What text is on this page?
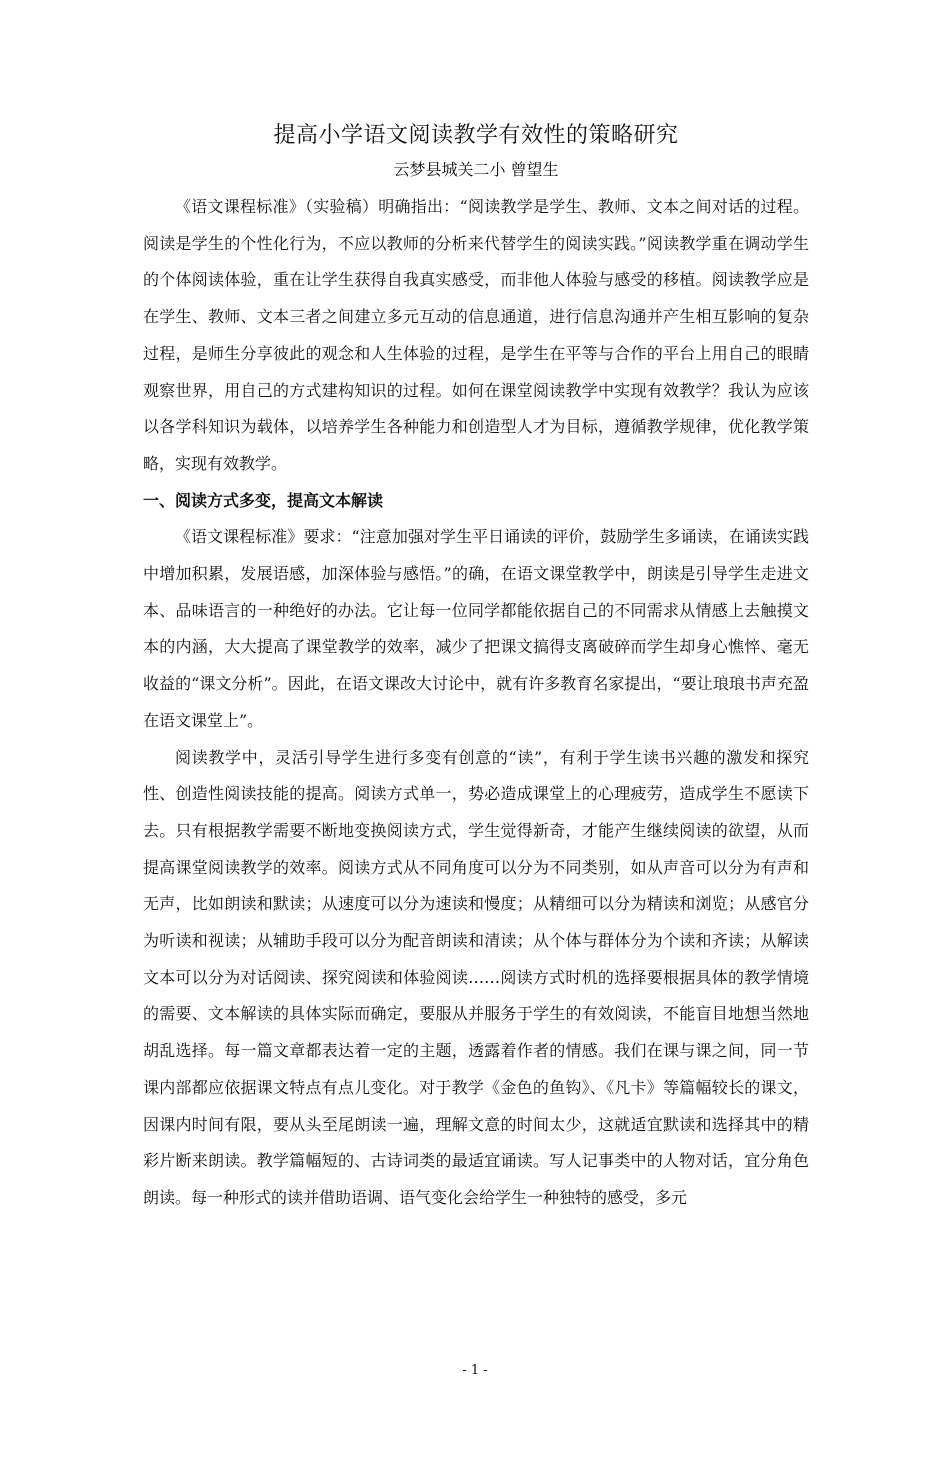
提高小学语文阅读教学有效性的策略研究
云梦县城关二小 曾望生

《语文课程标准》（实验稿）明确指出：“阅读教学是学生、教师、文本之间对话的过程。阅读是学生的个性化行为，不应以教师的分析来代替学生的阅读实践。”阅读教学重在调动学生的个体阅读体验，重在让学生获得自我真实感受，而非他人体验与感受的移植。阅读教学应是在学生、教师、文本三者之间建立多元互动的信息通道，进行信息沟通并产生相互影响的复杂过程，是师生分享彼此的观念和人生体验的过程，是学生在平等与合作的平台上用自己的眼睛观察世界，用自己的方式建构知识的过程。如何在课堂阅读教学中实现有效教学？我认为应该以各学科知识为载体，以培养学生各种能力和创造型人才为目标，遵循教学规律，优化教学策略，实现有效教学。

一、阅读方式多变，提高文本解读

《语文课程标准》要求：“注意加强对学生平日诵读的评价，鼓励学生多诵读，在诵读实践中增加积累，发展语感，加深体验与感悟。”的确，在语文课堂教学中，朗读是引导学生走进文本、品味语言的一种绝好的办法。它让每一位同学都能依据自己的不同需求从情感上去触摸文本的内涵，大大提高了课堂教学的效率，减少了把课文搞得支离破碎而学生却身心憔悴、毫无收益的“课文分析”。因此，在语文课改大讨论中，就有许多教育名家提出，“要让琅琅书声充盈在语文课堂上”。

阅读教学中，灵活引导学生进行多变有创意的“读”，有利于学生读书兴趣的激发和探究性、创造性阅读技能的提高。阅读方式单一，势必造成课堂上的心理疲劳，造成学生不愿读下去。只有根据教学需要不断地变换阅读方式，学生觉得新奇，才能产生继续阅读的欲望，从而提高课堂阅读教学的效率。阅读方式从不同角度可以分为不同类别，如从声音可以分为有声和无声，比如朗读和默读；从速度可以分为速读和慢度；从精细可以分为精读和浏览；从感官分为听读和视读；从辅助手段可以分为配音朗读和清读；从个体与群体分为个读和齐读；从解读文本可以分为对话阅读、探究阅读和体验阅读……阅读方式时机的选择要根据具体的教学情境的需要、文本解读的具体实际而确定，要服从并服务于学生的有效阅读，不能盲目地想当然地胡乱选择。每一篇文章都表达着一定的主题，透露着作者的情感。我们在课与课之间，同一节课内部都应依据课文特点有点儿变化。对于教学《金色的鱼钩》、《凡卡》等篇幅较长的课文，因课内时间有限，要从头至尾朗读一遍，理解文意的时间太少，这就适宜默读和选择其中的精彩片断来朗读。教学篇幅短的、古诗词类的最适宜诵读。写人记事类中的人物对话，宜分角色朗读。每一种形式的读并借助语调、语气变化会给学生一种独特的感受，多元

- 1 -
